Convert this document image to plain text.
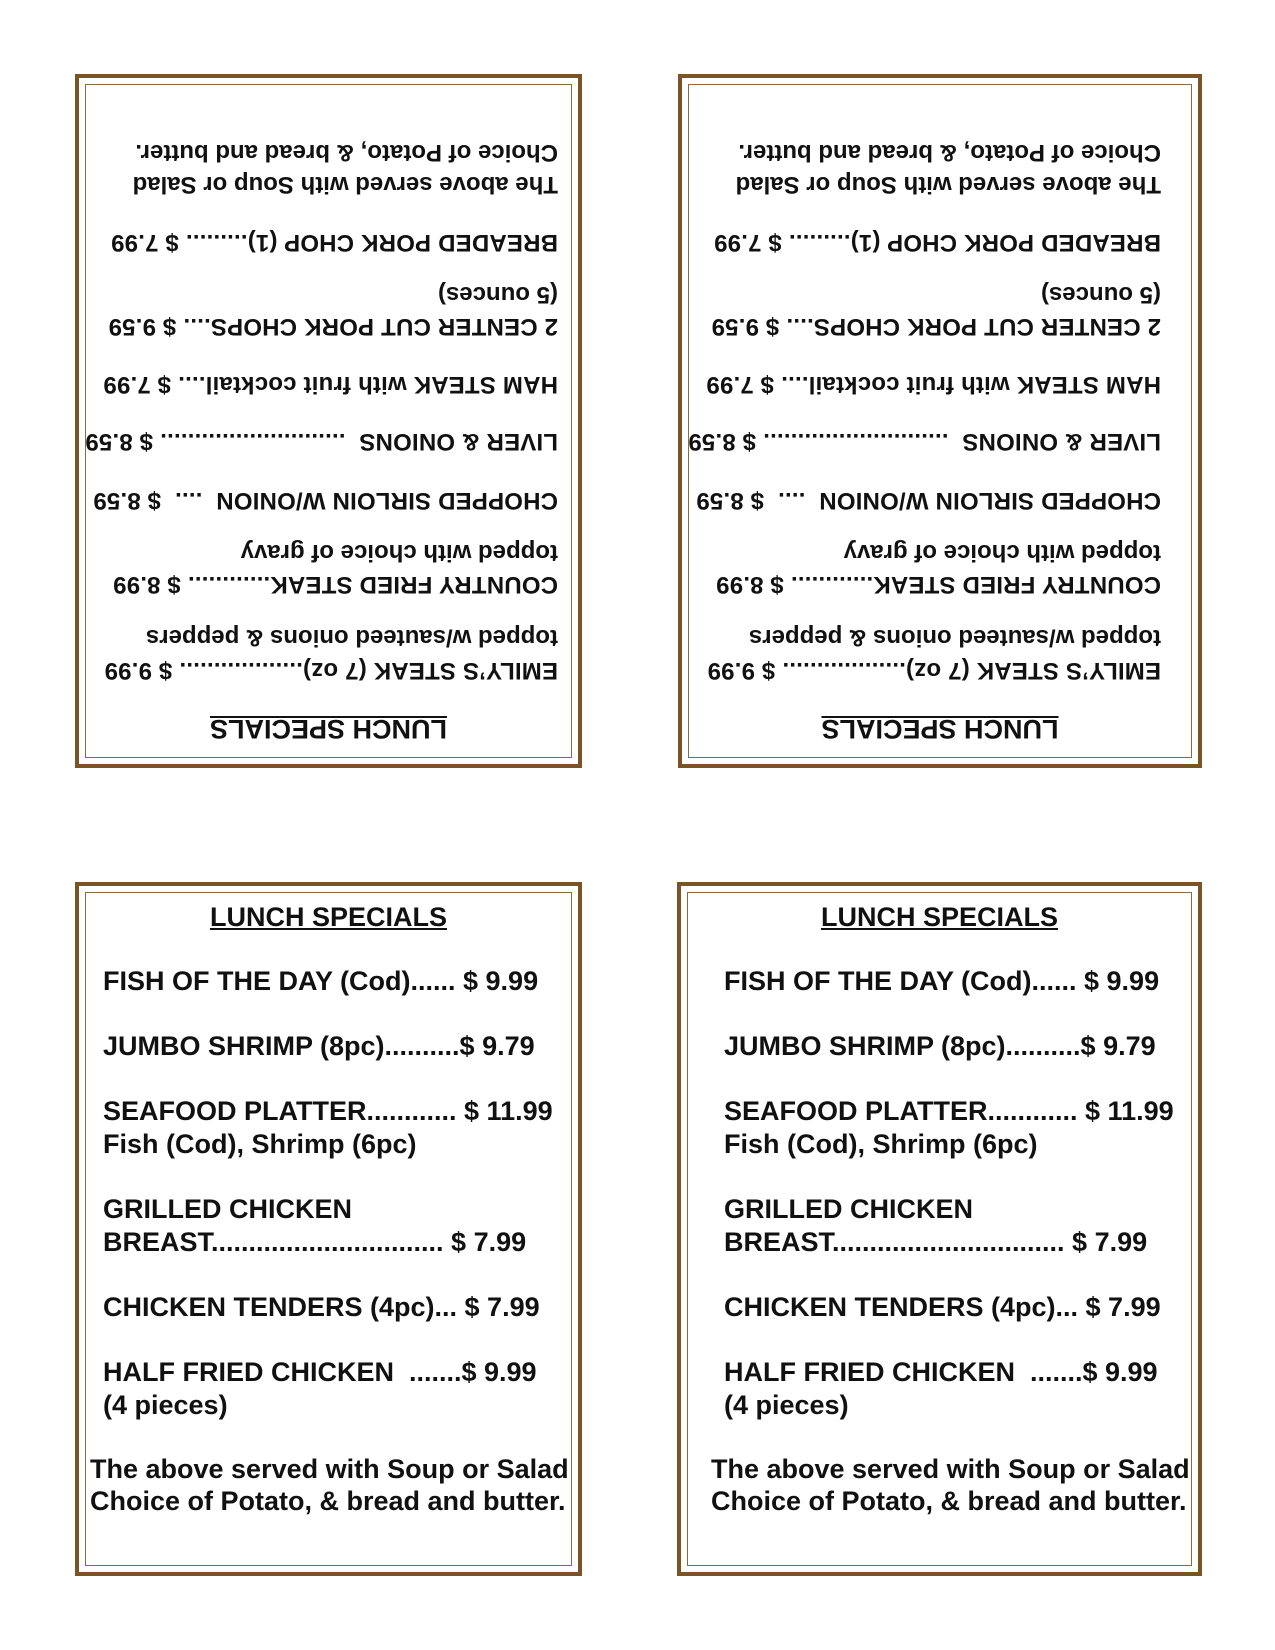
LUNCH SPECIALS
EMILY’S STEAK (7 oz).................. $ 9.99
topped w/sauteed onions & peppers
COUNTRY FRIED STEAK............ $ 8.99
topped with choice of gravy
CHOPPED SIRLOIN W/ONION  ....  $ 8.59
LIVER & ONIONS  ........................... $ 8.59
HAM STEAK with fruit cocktail.... $ 7.99
2 CENTER CUT PORK CHOPS.... $ 9.59
(5 ounces)
BREADED PORK CHOP (1)......... $ 7.99
The above served with Soup or Salad
Choice of Potato, & bread and butter.
LUNCH SPECIALS
EMILY’S STEAK (7 oz).................. $ 9.99
topped w/sauteed onions & peppers
COUNTRY FRIED STEAK............ $ 8.99
topped with choice of gravy
CHOPPED SIRLOIN W/ONION  ....  $ 8.59
LIVER & ONIONS  ........................... $ 8.59
HAM STEAK with fruit cocktail.... $ 7.99
2 CENTER CUT PORK CHOPS.... $ 9.59
(5 ounces)
BREADED PORK CHOP (1)......... $ 7.99
The above served with Soup or Salad
Choice of Potato, & bread and butter.
LUNCH SPECIALS
FISH OF THE DAY (Cod)...... $ 9.99
JUMBO SHRIMP (8pc)..........$ 9.79
SEAFOOD PLATTER............ $ 11.99
Fish (Cod), Shrimp (6pc)
GRILLED CHICKEN
BREAST............................... $ 7.99
CHICKEN TENDERS (4pc)... $ 7.99
HALF FRIED CHICKEN  .......$ 9.99
(4 pieces)
The above served with Soup or Salad
Choice of Potato, & bread and butter.
LUNCH SPECIALS
FISH OF THE DAY (Cod)...... $ 9.99
JUMBO SHRIMP (8pc)..........$ 9.79
SEAFOOD PLATTER............ $ 11.99
Fish (Cod), Shrimp (6pc)
GRILLED CHICKEN
BREAST............................... $ 7.99
CHICKEN TENDERS (4pc)... $ 7.99
HALF FRIED CHICKEN  .......$ 9.99
(4 pieces)
The above served with Soup or Salad
Choice of Potato, & bread and butter.
